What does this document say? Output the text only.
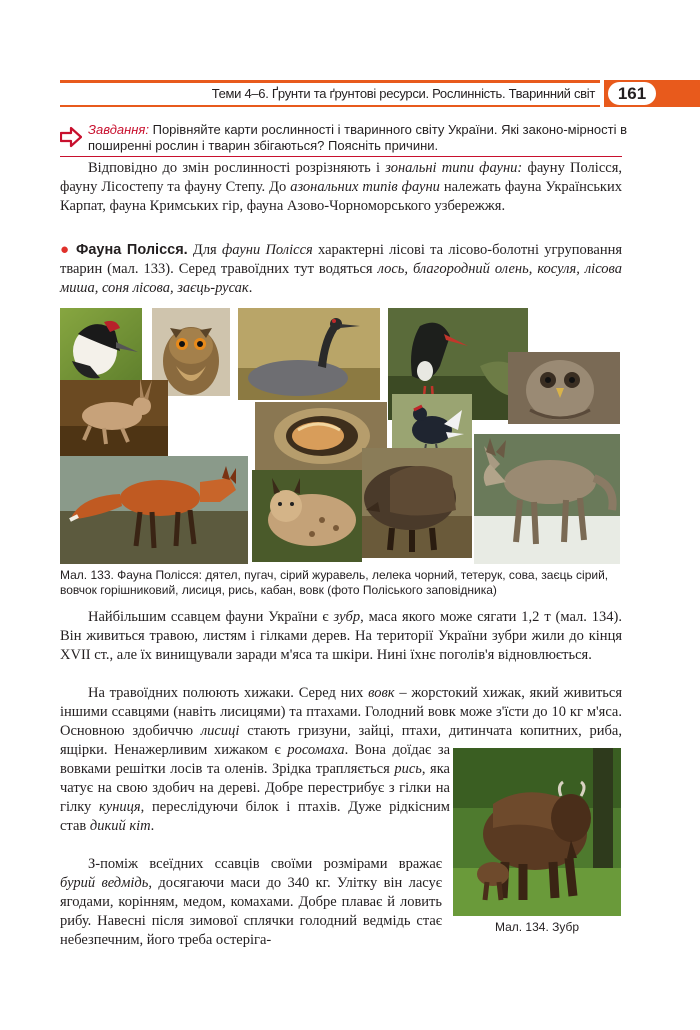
Теми 4–6. Ґрунти та ґрунтові ресурси. Рослинність. Тваринний світ	161
Завдання: Порівняйте карти рослинності і тваринного світу України. Які законо-мірності в поширенні рослин і тварин збігаються? Поясніть причини.
Відповідно до змін рослинності розрізняють і зональні типи фауни: фауну Полісся, фауну Лісостепу та фауну Степу. До азональних типів фауни належать фауна Українських Карпат, фауна Кримських гір, фауна Азово-Чорноморського узбережжя.
● Фауна Полісся. Для фауни Полісся характерні лісові та лісово-болотні угруповання тварин (мал. 133). Серед травоїдних тут водяться лось, благородний олень, косуля, лісова миша, соня лісова, заєць-русак.
Мал. 133. Фауна Полісся: дятел, пугач, сірий журавель, лелека чорний, тетерук, сова, заєць сірий, вовчок горішниковий, лисиця, рись, кабан, вовк (фото Поліського заповідника)
Найбільшим ссавцем фауни України є зубр, маса якого може сягати 1,2 т (мал. 134). Він живиться травою, листям і гілками дерев. На території України зубри жили до кінця XVII ст., але їх винищували заради м'яса та шкіри. Нині їхнє поголів'я відновлюється.
На травоїдних полюють хижаки. Серед них вовк – жорстокий хижак, який живиться іншими ссавцями (навіть лисицями) та птахами. Голодний вовк може з'їсти до 10 кг м'яса. Основною здобиччю лисиці стають гризуни, зайці, птахи, дитинчата копитних, риба, ящірки. Ненажерливим хижаком є
росомаха. Вона доїдає за вовками решітки лосів та оленів. Зрідка трапляється рись, яка чатує на свою здобич на дереві. Добре перестрибує з гілки на гілку куниця, переслідуючи білок і птахів. Дуже рідкісним став дикий кіт.
З-поміж всеїдних ссавців своїми розмірами вражає бурий ведмідь, досягаючи маси до 340 кг. Улітку він ласує ягодами, корінням, медом, комахами. Добре плаває й ловить рибу. Навесні після зимової сплячки голодний ведмідь стає небезпечним, його треба остеріга-
Мал. 134. Зубр
